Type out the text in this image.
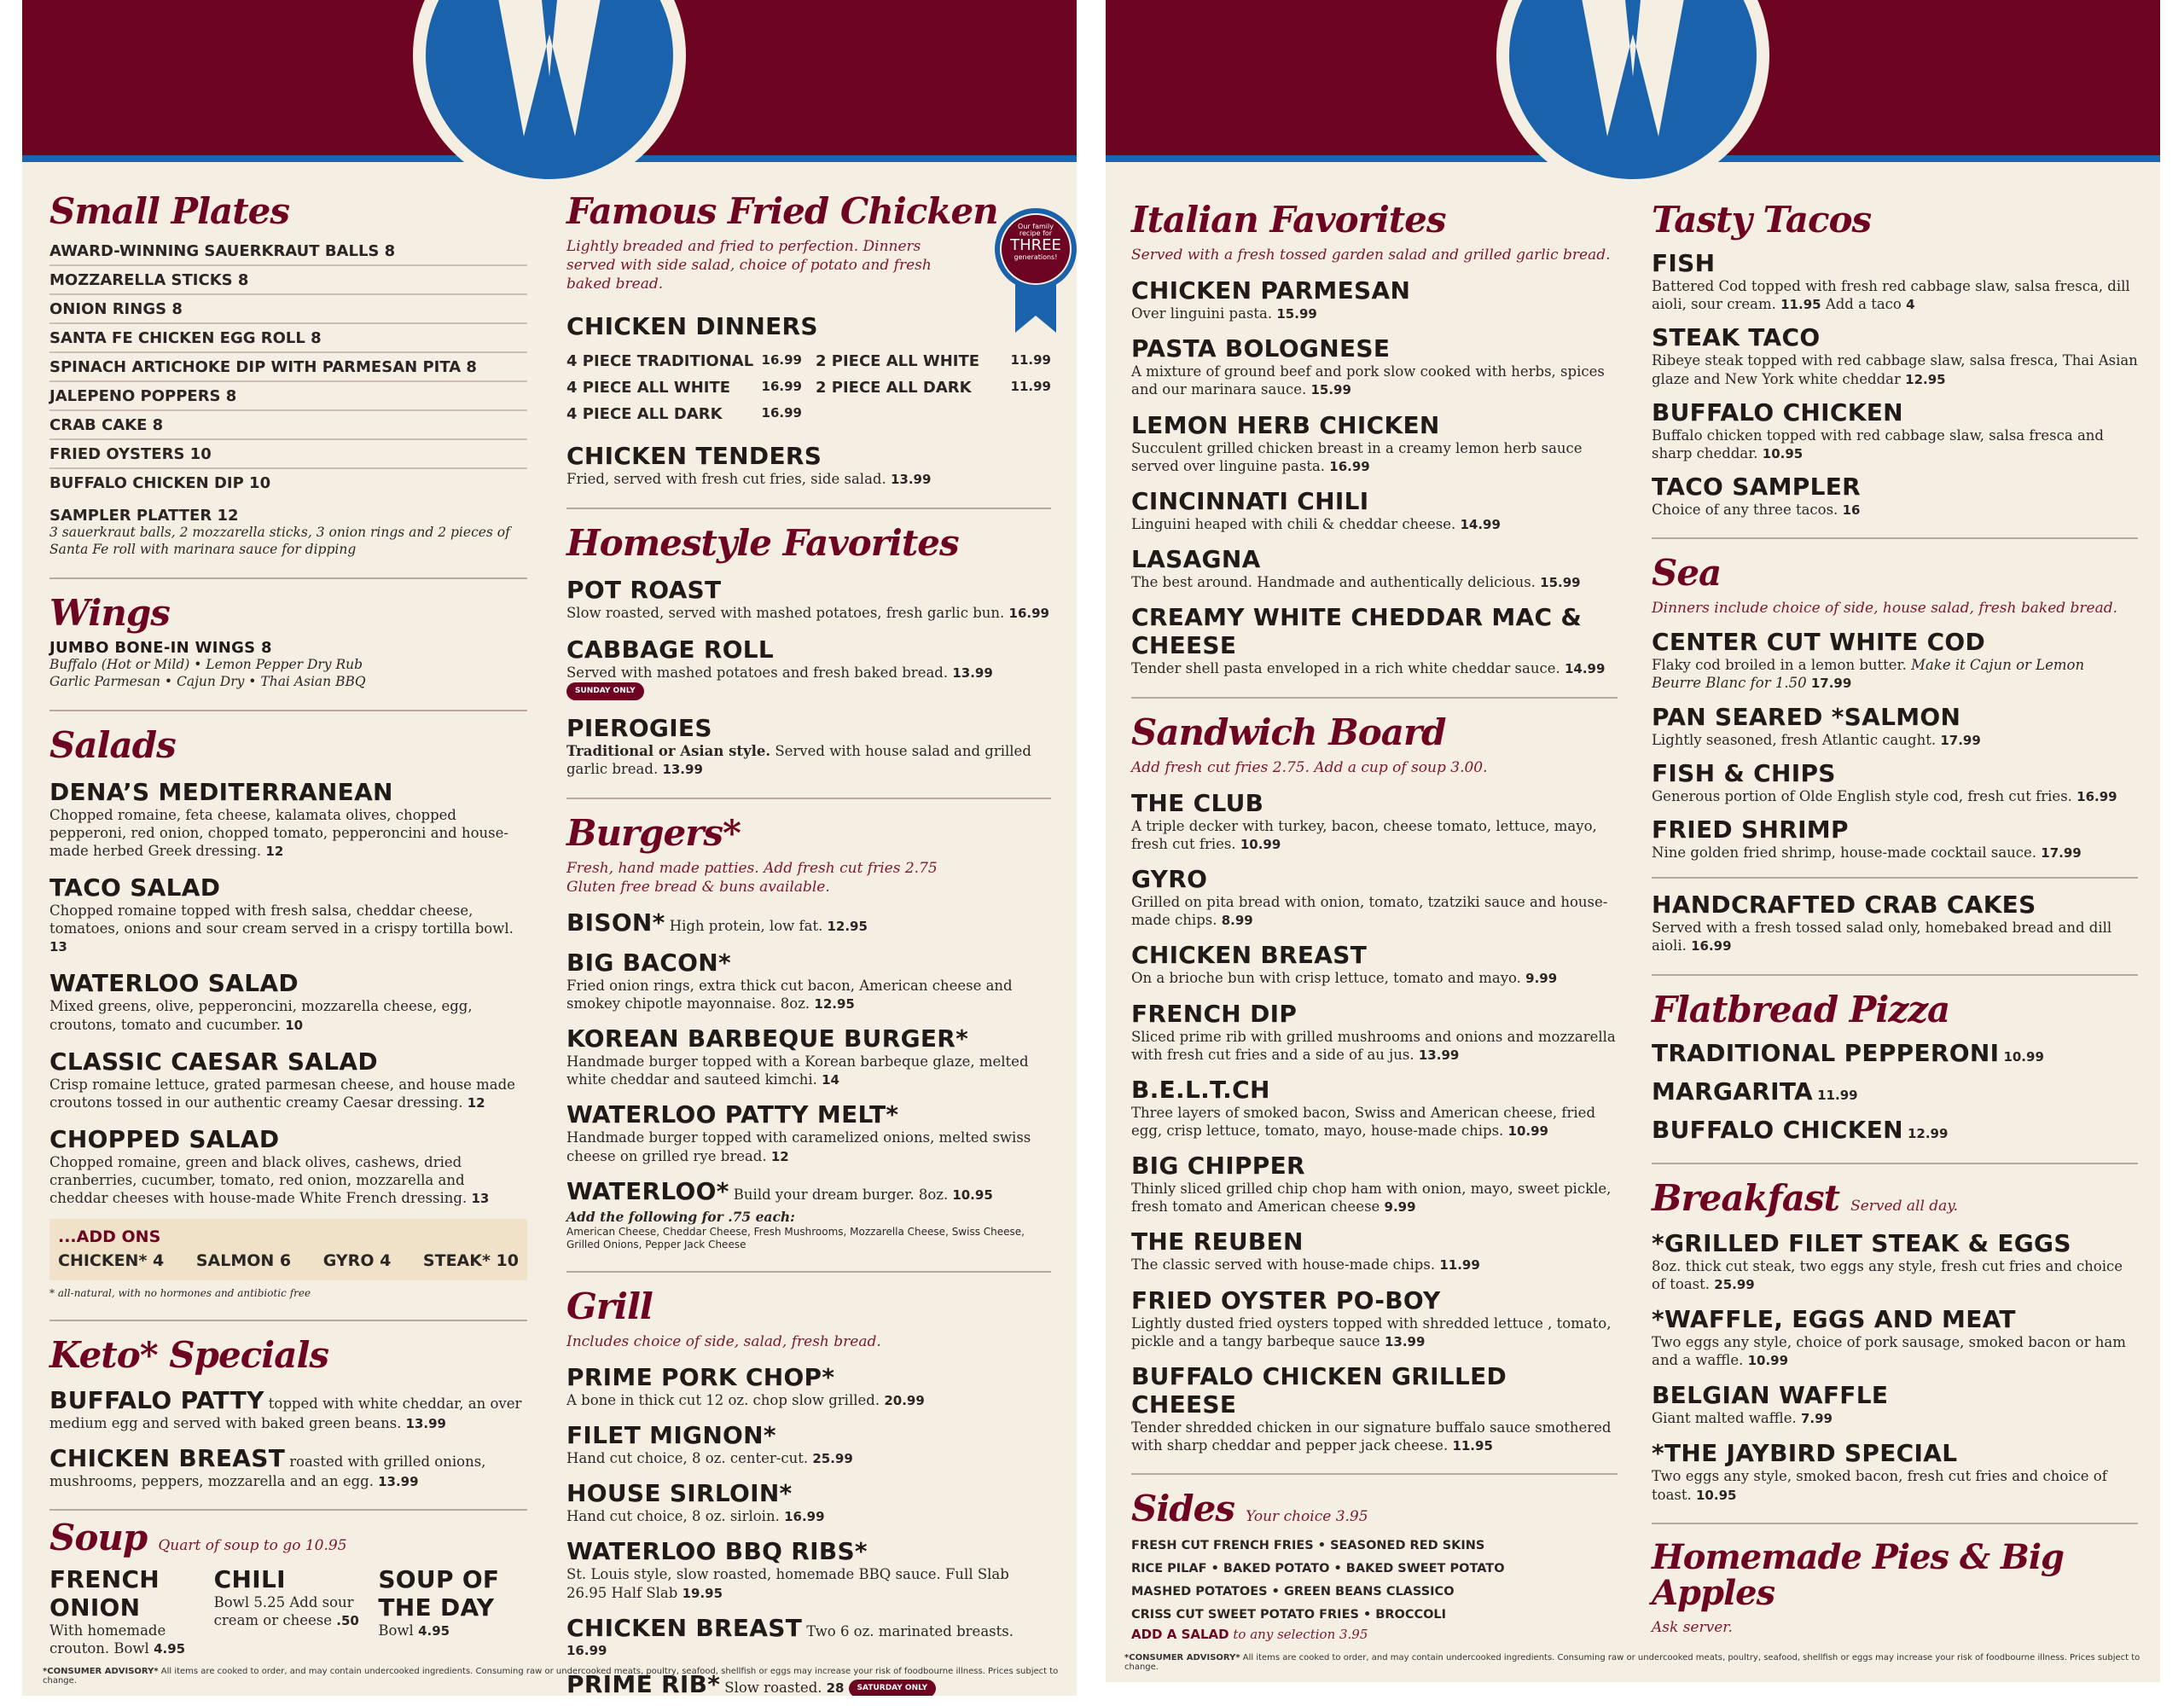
Small Plates
AWARD-WINNING SAUERKRAUT BALLS 8
MOZZARELLA STICKS 8
ONION RINGS 8
SANTA FE CHICKEN EGG ROLL 8
SPINACH ARTICHOKE DIP WITH PARMESAN PITA 8
JALEPENO POPPERS 8
CRAB CAKE 8
FRIED OYSTERS 10
BUFFALO CHICKEN DIP 10
SAMPLER PLATTER 12
3 sauerkraut balls, 2 mozzarella sticks, 3 onion rings and 2 pieces of Santa Fe roll with marinara sauce for dipping
Wings
JUMBO BONE-IN WINGS 8
Buffalo (Hot or Mild) • Lemon Pepper Dry Rub
Garlic Parmesan • Cajun Dry • Thai Asian BBQ
Salads
DENA’S MEDITERRANEAN
Chopped romaine, feta cheese, kalamata olives, chopped pepperoni, red onion, chopped tomato, pepperoncini and house-made herbed Greek dressing. 12
TACO SALAD
Chopped romaine topped with fresh salsa, cheddar cheese, tomatoes, onions and sour cream served in a crispy tortilla bowl. 13
WATERLOO SALAD
Mixed greens, olive, pepperoncini, mozzarella cheese, egg, croutons, tomato and cucumber. 10
CLASSIC CAESAR SALAD
Crisp romaine lettuce, grated parmesan cheese, and house made croutons tossed in our authentic creamy Caesar dressing. 12
CHOPPED SALAD
Chopped romaine, green and black olives, cashews, dried cranberries, cucumber, tomato, red onion, mozzarella and cheddar cheeses with house-made White French dressing. 13
...ADD ONS
CHICKEN* 4 SALMON 6 GYRO 4 STEAK* 10
* all-natural, with no hormones and antibiotic free
Keto* Specials
BUFFALO PATTY topped with white cheddar, an over medium egg and served with baked green beans. 13.99
CHICKEN BREAST roasted with grilled onions, mushrooms, peppers, mozzarella and an egg. 13.99
Soup Quart of soup to go 10.95
FRENCH ONION
With homemade crouton. Bowl 4.95
CHILI
Bowl 5.25 Add sour cream or cheese .50
SOUP OF THE DAY
Bowl 4.95
Famous Fried Chicken
Lightly breaded and fried to perfection. Dinners served with side salad, choice of potato and fresh baked bread.
CHICKEN DINNERS
4 PIECE TRADITIONAL 16.99 2 PIECE ALL WHITE 11.99
4 PIECE ALL WHITE 16.99 2 PIECE ALL DARK	11.99
4 PIECE ALL DARK	16.99
CHICKEN TENDERS
Fried, served with fresh cut fries, side salad. 13.99
Our family
recipe for
THREE
generations!
Homestyle Favorites
POT ROAST
Slow roasted, served with mashed potatoes, fresh garlic bun. 16.99
CABBAGE ROLL
Served with mashed potatoes and fresh baked bread. 13.99 SUNDAY ONLY
PIEROGIES
Traditional or Asian style. Served with house salad and grilled garlic bread. 13.99
Burgers*
Fresh, hand made patties. Add fresh cut fries 2.75
Gluten free bread & buns available.
BISON* High protein, low fat. 12.95
BIG BACON*
Fried onion rings, extra thick cut bacon, American cheese and smokey chipotle mayonnaise. 8oz. 12.95
KOREAN BARBEQUE BURGER*
Handmade burger topped with a Korean barbeque glaze, melted white cheddar and sauteed kimchi. 14
WATERLOO PATTY MELT*
Handmade burger topped with caramelized onions, melted swiss cheese on grilled rye bread. 12
WATERLOO* Build your dream burger. 8oz. 10.95
Add the following for .75 each:
American Cheese, Cheddar Cheese, Fresh Mushrooms, Mozzarella Cheese, Swiss Cheese, Grilled Onions, Pepper Jack Cheese
Grill
Includes choice of side, salad, fresh bread.
PRIME PORK CHOP*
A bone in thick cut 12 oz. chop slow grilled. 20.99
FILET MIGNON*
Hand cut choice, 8 oz. center-cut. 25.99
HOUSE SIRLOIN*
Hand cut choice, 8 oz. sirloin. 16.99
WATERLOO BBQ RIBS*
St. Louis style, slow roasted, homemade BBQ sauce. Full Slab 26.95 Half Slab 19.95
CHICKEN BREAST Two 6 oz. marinated breasts. 16.99
PRIME RIB* Slow roasted. 28 SATURDAY ONLY
*CONSUMER ADVISORY* All items are cooked to order, and may contain undercooked ingredients. Consuming raw or undercooked meats, poultry, seafood, shellfish or eggs may increase your risk of foodbourne illness. Prices subject to change.
Italian Favorites
Served with a fresh tossed garden salad and grilled garlic bread.
CHICKEN PARMESAN
Over linguini pasta. 15.99
PASTA BOLOGNESE
A mixture of ground beef and pork slow cooked with herbs, spices and our marinara sauce. 15.99
LEMON HERB CHICKEN
Succulent grilled chicken breast in a creamy lemon herb sauce served over linguine pasta. 16.99
CINCINNATI CHILI
Linguini heaped with chili & cheddar cheese. 14.99
LASAGNA
The best around. Handmade and authentically delicious. 15.99
CREAMY WHITE CHEDDAR MAC & CHEESE
Tender shell pasta enveloped in a rich white cheddar sauce. 14.99
Sandwich Board
Add fresh cut fries 2.75. Add a cup of soup 3.00.
THE CLUB
A triple decker with turkey, bacon, cheese tomato, lettuce, mayo, fresh cut fries. 10.99
GYRO
Grilled on pita bread with onion, tomato, tzatziki sauce and house-made chips. 8.99
CHICKEN BREAST
On a brioche bun with crisp lettuce, tomato and mayo. 9.99
FRENCH DIP
Sliced prime rib with grilled mushrooms and onions and mozzarella with fresh cut fries and a side of au jus. 13.99
B.E.L.T.CH
Three layers of smoked bacon, Swiss and American cheese, fried egg, crisp lettuce, tomato, mayo, house-made chips. 10.99
BIG CHIPPER
Thinly sliced grilled chip chop ham with onion, mayo, sweet pickle, fresh tomato and American cheese 9.99
THE REUBEN
The classic served with house-made chips. 11.99
FRIED OYSTER PO-BOY
Lightly dusted fried oysters topped with shredded lettuce , tomato, pickle and a tangy barbeque sauce 13.99
BUFFALO CHICKEN GRILLED CHEESE
Tender shredded chicken in our signature buffalo sauce smothered with sharp cheddar and pepper jack cheese. 11.95
Sides Your choice 3.95
FRESH CUT FRENCH FRIES • SEASONED RED SKINS
RICE PILAF • BAKED POTATO • BAKED SWEET POTATO
MASHED POTATOES • GREEN BEANS CLASSICO
CRISS CUT SWEET POTATO FRIES • BROCCOLI
ADD A SALAD to any selection 3.95
Tasty Tacos
FISH
Battered Cod topped with fresh red cabbage slaw, salsa fresca, dill aioli, sour cream. 11.95 Add a taco 4
STEAK TACO
Ribeye steak topped with red cabbage slaw, salsa fresca, Thai Asian glaze and New York white cheddar 12.95
BUFFALO CHICKEN
Buffalo chicken topped with red cabbage slaw, salsa fresca and sharp cheddar. 10.95
TACO SAMPLER
Choice of any three tacos. 16
Sea
Dinners include choice of side, house salad, fresh baked bread.
CENTER CUT WHITE COD
Flaky cod broiled in a lemon butter. Make it Cajun or Lemon Beurre Blanc for 1.50 17.99
PAN SEARED *SALMON
Lightly seasoned, fresh Atlantic caught. 17.99
FISH & CHIPS
Generous portion of Olde English style cod, fresh cut fries. 16.99
FRIED SHRIMP
Nine golden fried shrimp, house-made cocktail sauce. 17.99
HANDCRAFTED CRAB CAKES
Served with a fresh tossed salad only, homebaked bread and dill aioli. 16.99
Flatbread Pizza
TRADITIONAL PEPPERONI 10.99
MARGARITA 11.99
BUFFALO CHICKEN 12.99
Breakfast Served all day.
*GRILLED FILET STEAK & EGGS
8oz. thick cut steak, two eggs any style, fresh cut fries and choice of toast. 25.99
*WAFFLE, EGGS AND MEAT
Two eggs any style, choice of pork sausage, smoked bacon or ham and a waffle. 10.99
BELGIAN WAFFLE
Giant malted waffle. 7.99
*THE JAYBIRD SPECIAL
Two eggs any style, smoked bacon, fresh cut fries and choice of toast. 10.95
Homemade Pies & Big Apples
Ask server.
*CONSUMER ADVISORY* All items are cooked to order, and may contain undercooked ingredients. Consuming raw or undercooked meats, poultry, seafood, shellfish or eggs may increase your risk of foodbourne illness. Prices subject to change.
